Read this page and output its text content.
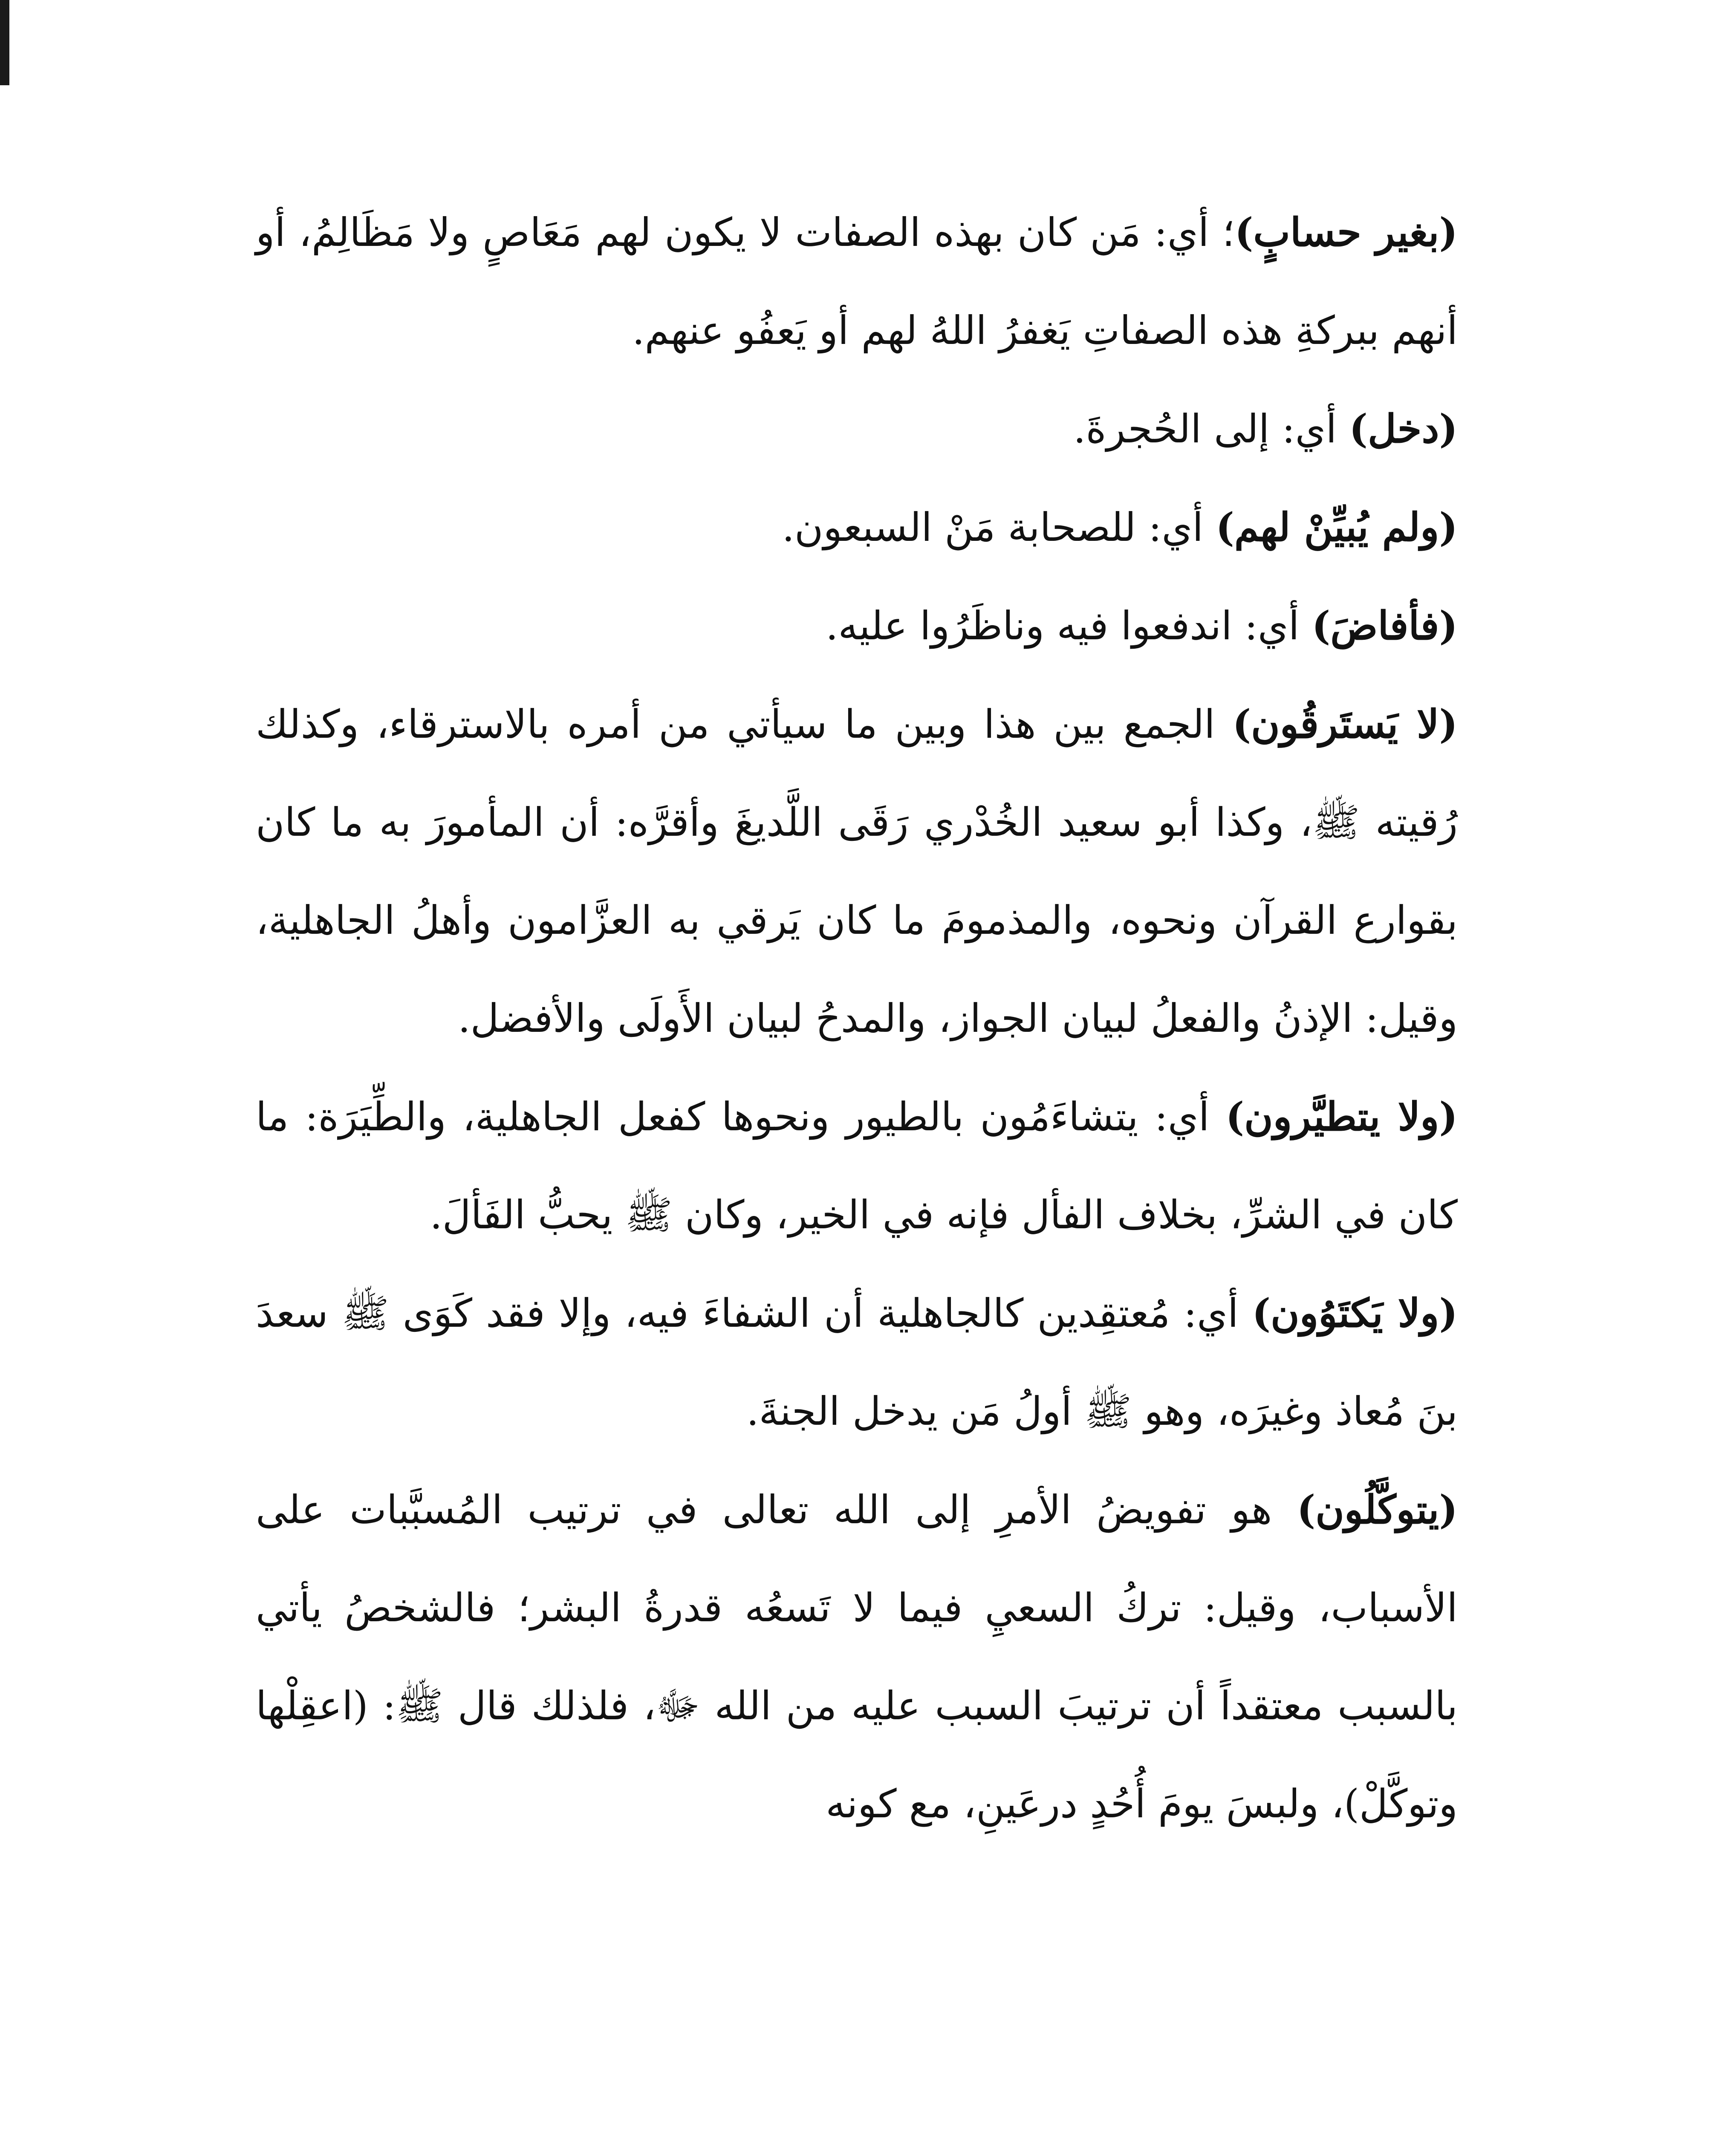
(بغير حسابٍ)؛ أي: مَن كان بهذه الصفات لا يكون لهم مَعَاصٍ ولا مَظَالِمُ، أو أنهم ببركةِ هذه الصفاتِ يَغفرُ اللهُ لهم أو يَعفُو عنهم.

(دخل) أي: إلى الحُجرةَ.

(ولم يُبيِّنْ لهم) أي: للصحابة مَنْ السبعون.

(فأفاضَ) أي: اندفعوا فيه وناظَرُوا عليه.

(لا يَستَرقُون) الجمع بين هذا وبين ما سيأتي من أمره بالاسترقاء، وكذلك رُقيته ﷺ، وكذا أبو سعيد الخُدْري رَقَى اللَّديغَ وأقرَّه: أن المأمورَ به ما كان بقوارع القرآن ونحوه، والمذمومَ ما كان يَرقي به العزَّامون وأهلُ الجاهلية، وقيل: الإذنُ والفعلُ لبيان الجواز، والمدحُ لبيان الأَولَى والأفضل.

(ولا يتطيَّرون) أي: يتشاءَمُون بالطيور ونحوها كفعل الجاهلية، والطِّيَرَة: ما كان في الشرِّ، بخلاف الفأل فإنه في الخير، وكان ﷺ يحبُّ الفَألَ.

(ولا يَكتَوُون) أي: مُعتقِدين كالجاهلية أن الشفاءَ فيه، وإلا فقد كَوَى ﷺ سعدَ بنَ مُعاذ وغيرَه، وهو ﷺ أولُ مَن يدخل الجنةَ.

(يتوكَّلُون) هو تفويضُ الأمرِ إلى الله تعالى في ترتيب المُسبَّبات على الأسباب، وقيل: تركُ السعيِ فيما لا تَسعُه قدرةُ البشر؛ فالشخصُ يأتي بالسبب معتقداً أن ترتيبَ السبب عليه من الله ﷻ، فلذلك قال ﷺ: (اعقِلْها وتوكَّلْ)، ولبسَ يومَ أُحُدٍ درعَينِ، مع كونه
